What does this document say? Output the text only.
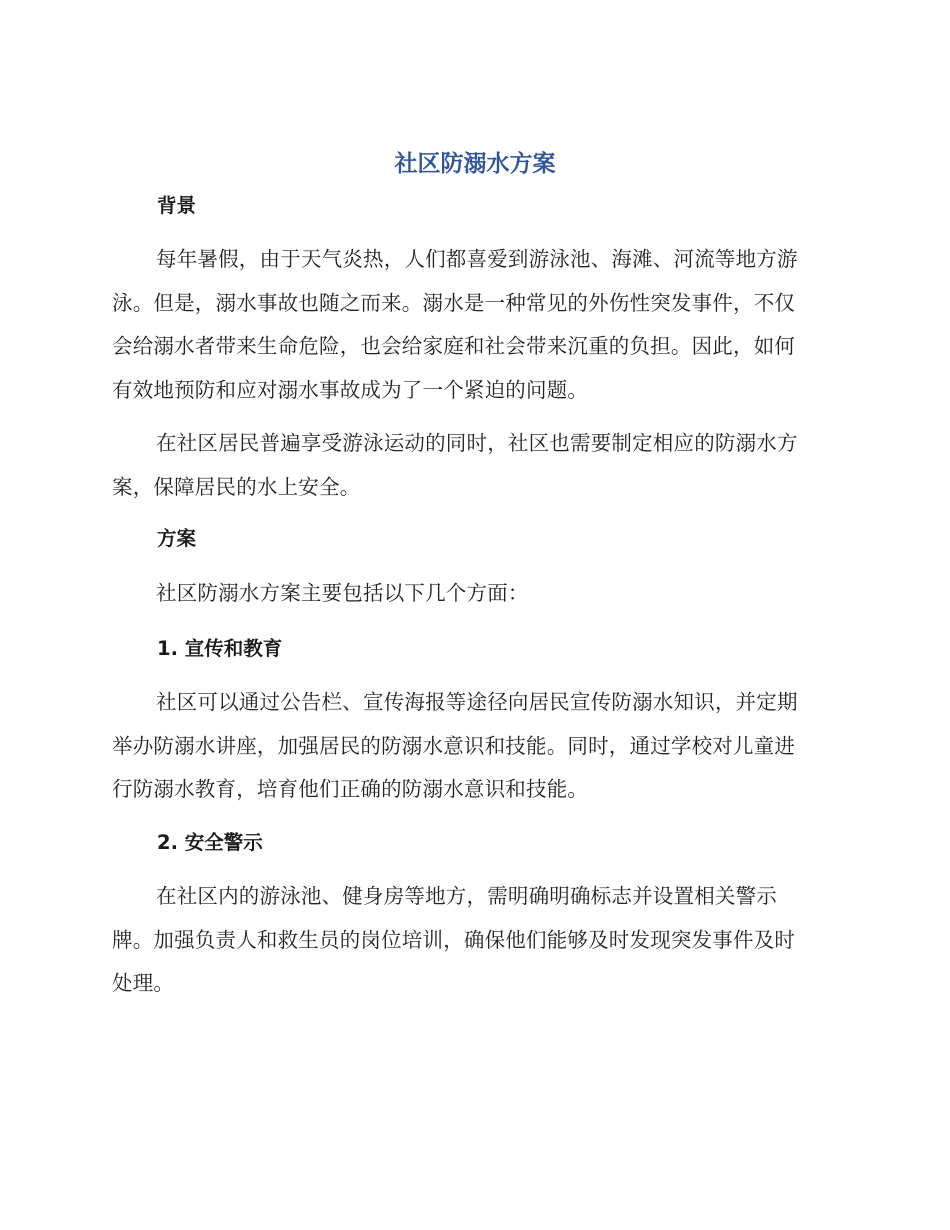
社区防溺水方案
背景

每年暑假，由于天气炎热，人们都喜爱到游泳池、海滩、河流等地方游
泳。但是，溺水事故也随之而来。溺水是一种常见的外伤性突发事件，不仅
会给溺水者带来生命危险，也会给家庭和社会带来沉重的负担。因此，如何
有效地预防和应对溺水事故成为了一个紧迫的问题。

在社区居民普遍享受游泳运动的同时，社区也需要制定相应的防溺水方
案，保障居民的水上安全。

方案

社区防溺水方案主要包括以下几个方面：

1. 宣传和教育

社区可以通过公告栏、宣传海报等途径向居民宣传防溺水知识，并定期
举办防溺水讲座，加强居民的防溺水意识和技能。同时，通过学校对儿童进
行防溺水教育，培育他们正确的防溺水意识和技能。

2. 安全警示

在社区内的游泳池、健身房等地方，需明确明确标志并设置相关警示
牌。加强负责人和救生员的岗位培训，确保他们能够及时发现突发事件及时
处理。
